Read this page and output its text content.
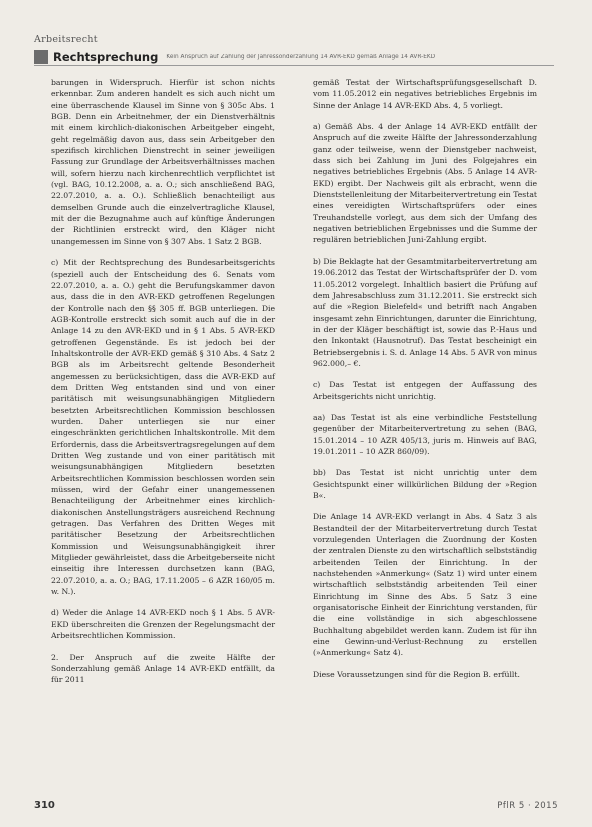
Arbeitsrecht
Rechtsprechung Kein Anspruch auf Zahlung der Jahressonderzahlung 14 AVR-EKD gemäß Anlage 14 AVR-EKD

barungen in Widerspruch. Hierfür ist schon nichts erkennbar. Zum anderen handelt es sich auch nicht um eine überraschende Klausel im Sinne von § 305c Abs. 1 BGB. Denn ein Arbeitnehmer, der ein Dienstverhältnis mit einem kirchlich-diakonischen Arbeitgeber eingeht, geht regelmäßig davon aus, dass sein Arbeitgeber den spezifisch kirchlichen Dienstrecht in seiner jeweiligen Fassung zur Grundlage der Arbeitsverhältnisses machen will, sofern hierzu nach kirchenrechtlich verpflichtet ist (vgl. BAG, 10.12.2008, a. a. O.; sich anschließend BAG, 22.07.2010, a. a. O.). Schließlich benachteiligt aus demselben Grunde auch die einzelvertragliche Klausel, mit der die Bezugnahme auch auf künftige Änderungen der Richtlinien erstreckt wird, den Kläger nicht unangemessen im Sinne von § 307 Abs. 1 Satz 2 BGB.

c) Mit der Rechtsprechung des Bundesarbeitsgerichts (speziell auch der Entscheidung des 6. Senats vom 22.07.2010, a. a. O.) geht die Berufungskammer davon aus, dass die in den AVR-EKD getroffenen Regelungen der Kontrolle nach den §§ 305 ff. BGB unterliegen. Die AGB-Kontrolle erstreckt sich somit auch auf die in der Anlage 14 zu den AVR-EKD und in § 1 Abs. 5 AVR-EKD getroffenen Gegenstände. Es ist jedoch bei der Inhaltskontrolle der AVR-EKD gemäß § 310 Abs. 4 Satz 2 BGB als im Arbeitsrecht geltende Besonderheit angemessen zu berücksichtigen, dass die AVR-EKD auf dem Dritten Weg entstanden sind und von einer paritätisch mit weisungsunabhängigen Mitgliedern besetzten Arbeitsrechtlichen Kommission beschlossen wurden. Daher unterliegen sie nur einer eingeschränkten gerichtlichen Inhaltskontrolle. Mit dem Erfordernis, dass die Arbeitsvertragsregelungen auf dem Dritten Weg zustande und von einer paritätisch mit weisungsunabhängigen Mitgliedern besetzten Arbeitsrechtlichen Kommission beschlossen worden sein müssen, wird der Gefahr einer unangemessenen Benachteiligung der Arbeitnehmer eines kirchlich-diakonischen Anstellungsträgers ausreichend Rechnung getragen. Das Verfahren des Dritten Weges mit paritätischer Besetzung der Arbeitsrechtlichen Kommission und Weisungsunabhängigkeit ihrer Mitglieder gewährleistet, dass die Arbeitgeberseite nicht einseitig ihre Interessen durchsetzen kann (BAG, 22.07.2010, a. a. O.; BAG, 17.11.2005 – 6 AZR 160/05 m. w. N.).

d) Weder die Anlage 14 AVR-EKD noch § 1 Abs. 5 AVR-EKD überschreiten die Grenzen der Regelungsmacht der Arbeitsrechtlichen Kommission.

2. Der Anspruch auf die zweite Hälfte der Sonderzahlung gemäß Anlage 14 AVR-EKD entfällt, da für 2011

gemäß Testat der Wirtschaftsprüfungsgesellschaft D. vom 11.05.2012 ein negatives betriebliches Ergebnis im Sinne der Anlage 14 AVR-EKD Abs. 4, 5 vorliegt.

a) Gemäß Abs. 4 der Anlage 14 AVR-EKD entfällt der Anspruch auf die zweite Hälfte der Jahressonderzahlung ganz oder teilweise, wenn der Dienstgeber nachweist, dass sich bei Zahlung im Juni des Folgejahres ein negatives betriebliches Ergebnis (Abs. 5 Anlage 14 AVR-EKD) ergibt. Der Nachweis gilt als erbracht, wenn die Dienststellenleitung der Mitarbeitervertretung ein Testat eines vereidigten Wirtschaftsprüfers oder eines Treuhandstelle vorlegt, aus dem sich der Umfang des negativen betrieblichen Ergebnisses und die Summe der regulären betrieblichen Juni-Zahlung ergibt.

b) Die Beklagte hat der Gesamtmitarbeitervertretung am 19.06.2012 das Testat der Wirtschaftsprüfer der D. vom 11.05.2012 vorgelegt. Inhaltlich basiert die Prüfung auf dem Jahresabschluss zum 31.12.2011. Sie erstreckt sich auf die »Region Bielefeld« und betrifft nach Angaben insgesamt zehn Einrichtungen, darunter die Einrichtung, in der der Kläger beschäftigt ist, sowie das P.-Haus und den Inkontakt (Hausnotruf). Das Testat bescheinigt ein Betriebsergebnis i. S. d. Anlage 14 Abs. 5 AVR von minus 962.000,– €.

c) Das Testat ist entgegen der Auffassung des Arbeitsgerichts nicht unrichtig.

aa) Das Testat ist als eine verbindliche Feststellung gegenüber der Mitarbeitervertretung zu sehen (BAG, 15.01.2014 – 10 AZR 405/13, juris m. Hinweis auf BAG, 19.01.2011 – 10 AZR 860/09).

bb) Das Testat ist nicht unrichtig unter dem Gesichtspunkt einer willkürlichen Bildung der »Region B«.

Die Anlage 14 AVR-EKD verlangt in Abs. 4 Satz 3 als Bestandteil der der Mitarbeitervertretung durch Testat vorzulegenden Unterlagen die Zuordnung der Kosten der zentralen Dienste zu den wirtschaftlich selbstständig arbeitenden Teilen der Einrichtung. In der nachstehenden »Anmerkung« (Satz 1) wird unter einem wirtschaftlich selbstständig arbeitenden Teil einer Einrichtung im Sinne des Abs. 5 Satz 3 eine organisatorische Einheit der Einrichtung verstanden, für die eine vollständige in sich abgeschlossene Buchhaltung abgebildet werden kann. Zudem ist für ihn eine Gewinn-und-Verlust-Rechnung zu erstellen (»Anmerkung« Satz 4).

Diese Voraussetzungen sind für die Region B. erfüllt.

310	PflR 5 · 2015
